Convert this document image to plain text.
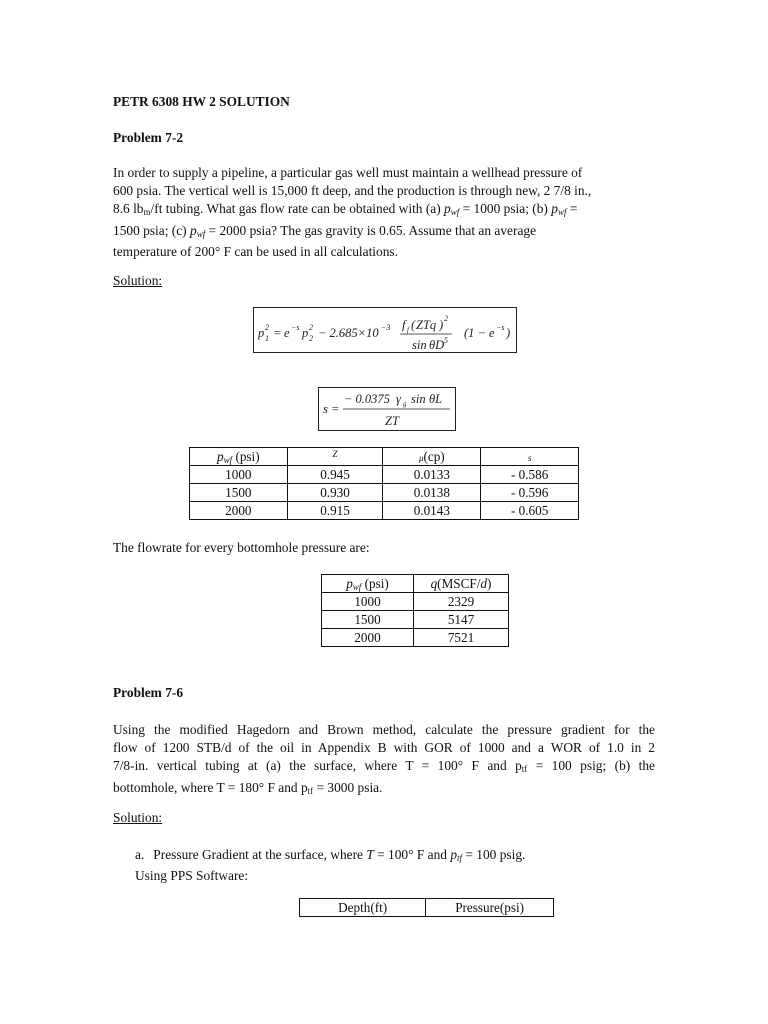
PETR 6308 HW 2 SOLUTION

Problem 7-2

In order to supply a pipeline, a particular gas well must maintain a wellhead pressure of

600 psia. The vertical well is 15,000 ft deep, and the production is through new, 2 7/8 in.,

8.6 $lb_m/ft$ tubing. What gas flow rate can be obtained with (a) $p_{wf} = 1000$ psia; (b) $p_{wf}$ =

1500 psia; (c) $p_{wf} = 2000$ psia? The gas gravity is 0.65. Assume that an average

temperature of 200° F can be used in all calculations.

Solution:

p 1
2 = e −s p 2
2 − 2.685×10 −3 f f ( ZTq ) 2
sin θD 5
(1 − e −s )
s =
− 0.0375 γ g sin θL
ZT
$p_{wf}$ (psi)	$^Z$	μ(cp)	s
1000	0.945	0.0133	- 0.586
1500	0.930	0.0138	- 0.596
2000	0.915	0.0143	- 0.605

The flowrate for every bottomhole pressure are:

$p_{wf}$ (psi)	q(MSCF/d)
1000	2329
1500	5147
2000	7521

Problem 7-6

Using the modified Hagedorn and Brown method, calculate the pressure gradient for the

flow of 1200 STB/d of the oil in Appendix B with GOR of 1000 and a WOR of 1.0 in 2

7/8-in. vertical tubing at (a) the surface, where T = 100° F and $p_{tf} = 100$ psig; (b) the

bottomhole, where T = 180° F and $p_{tf} = 3000$ psia.

Solution:

a. Pressure Gradient at the surface, where T = 100° F and $p_{tf} = 100$ psig.

Using PPS Software:

Depth(ft)	Pressure(psi)
